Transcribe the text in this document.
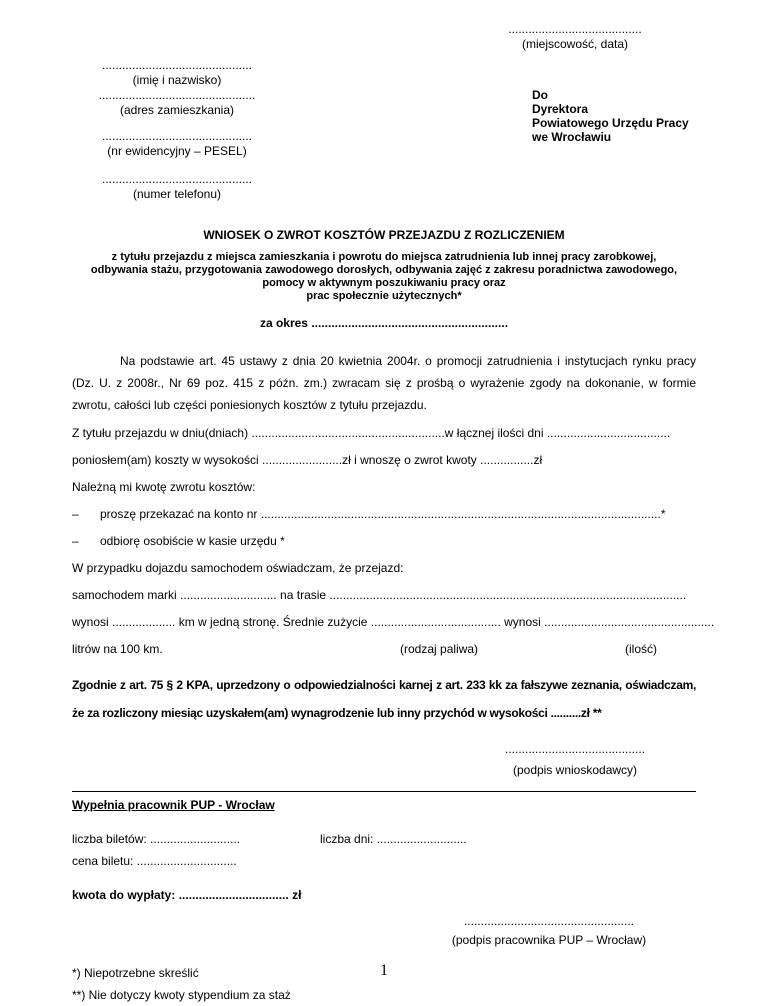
........................................
(miejscowość, data)
.............................................
(imię i nazwisko)
...............................................
(adres zamieszkania)
.............................................
(nr ewidencyjny – PESEL)
.............................................
(numer telefonu)
Do
Dyrektora
Powiatowego Urzędu Pracy
we Wrocławiu
WNIOSEK O ZWROT KOSZTÓW PRZEJAZDU Z ROZLICZENIEM
z tytułu przejazdu z miejsca zamieszkania i powrotu do miejsca zatrudnienia lub innej pracy zarobkowej,
odbywania stażu, przygotowania zawodowego dorosłych, odbywania zajęć z zakresu poradnictwa zawodowego,
pomocy w aktywnym poszukiwaniu pracy oraz
prac społecznie użytecznych*
za okres ...........................................................

Na podstawie art. 45 ustawy z dnia 20 kwietnia 2004r. o promocji zatrudnienia i instytucjach rynku pracy (Dz. U. z 2008r., Nr 69 poz. 415 z późn. zm.) zwracam się z prośbą o wyrażenie zgody na dokonanie, w formie zwrotu, całości lub części poniesionych kosztów z tytułu przejazdu.

Z tytułu przejazdu w dniu(dniach) ..........................................................w łącznej ilości dni .....................................
poniosłem(am) koszty w wysokości ........................zł i wnoszę o zwrot kwoty ................zł
Należną mi kwotę zwrotu kosztów:
–	proszę przekazać na konto nr ........................................................................................................................*
–	odbiorę osobiście w kasie urzędu *
W przypadku dojazdu samochodem oświadczam, że przejazd:
samochodem marki ............................. na trasie ...........................................................................................................
wynosi ................... km w jedną stronę. Średnie zużycie ....................................... wynosi ...................................................
litrów na 100 km.	(rodzaj paliwa)	(ilość)

Zgodnie z art. 75 § 2 KPA, uprzedzony o odpowiedzialności karnej z art. 233 kk za fałszywe zeznania, oświadczam, że za rozliczony miesiąc uzyskałem(am) wynagrodzenie lub inny przychód w wysokości ..........zł **

..........................................
(podpis wnioskodawcy)
Wypełnia pracownik PUP - Wrocław
liczba biletów: ...........................	liczba dni: ...........................
cena biletu: ..............................
kwota do wypłaty: ................................. zł
...................................................
(podpis pracownika PUP – Wrocław)
*) Niepotrzebne skreślić
**) Nie dotyczy kwoty stypendium za staż
1
